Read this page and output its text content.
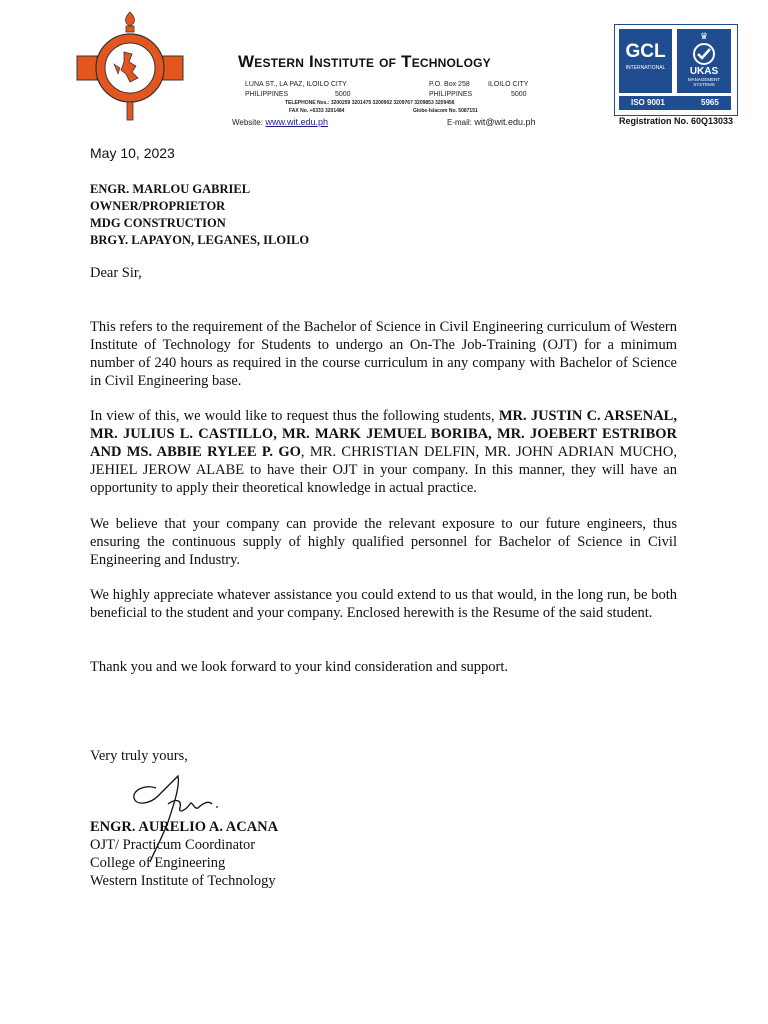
Western Institute of Technology
LUNA ST., LA PAZ, ILOILO CITY
PHILIPPINES	5000
P.O. Box 258	ILOILO CITY
PHILIPPINES	5000
TELEPHONE Nos.: 3200259 3201475 3200902 3209767 3209853 3209456
FAX No. +6333 3201484	Globe-Islacom No. 5087151
Website: www.wit.edu.ph	E-mail: wit@wit.edu.ph
GCL
INTERNATIONAL
♛
UKAS
MANAGEMENT SYSTEMS
ISO 9001	5965
Registration No. 60Q13033
May 10, 2023
ENGR. MARLOU GABRIEL
OWNER/PROPRIETOR
MDG CONSTRUCTION
BRGY. LAPAYON, LEGANES, ILOILO
Dear Sir,
This refers to the requirement of the Bachelor of Science in Civil Engineering curriculum of Western Institute of Technology for Students to undergo an On-The Job-Training (OJT) for a minimum number of 240 hours as required in the course curriculum in any company with Bachelor of Science in Civil Engineering base.
In view of this, we would like to request thus the following students, MR. JUSTIN C. ARSENAL, MR. JULIUS L. CASTILLO, MR. MARK JEMUEL BORIBA, MR. JOEBERT ESTRIBOR AND MS. ABBIE RYLEE P. GO, MR. CHRISTIAN DELFIN, MR. JOHN ADRIAN MUCHO, JEHIEL JEROW ALABE to have their OJT in your company. In this manner, they will have an opportunity to apply their theoretical knowledge in actual practice.
We believe that your company can provide the relevant exposure to our future engineers, thus ensuring the continuous supply of highly qualified personnel for Bachelor of Science in Civil Engineering and Industry.
We highly appreciate whatever assistance you could extend to us that would, in the long run, be both beneficial to the student and your company. Enclosed herewith is the Resume of the said student.
Thank you and we look forward to your kind consideration and support.
Very truly yours,
ENGR. AURELIO A. ACANA
OJT/ Practicum Coordinator
College of Engineering
Western Institute of Technology
